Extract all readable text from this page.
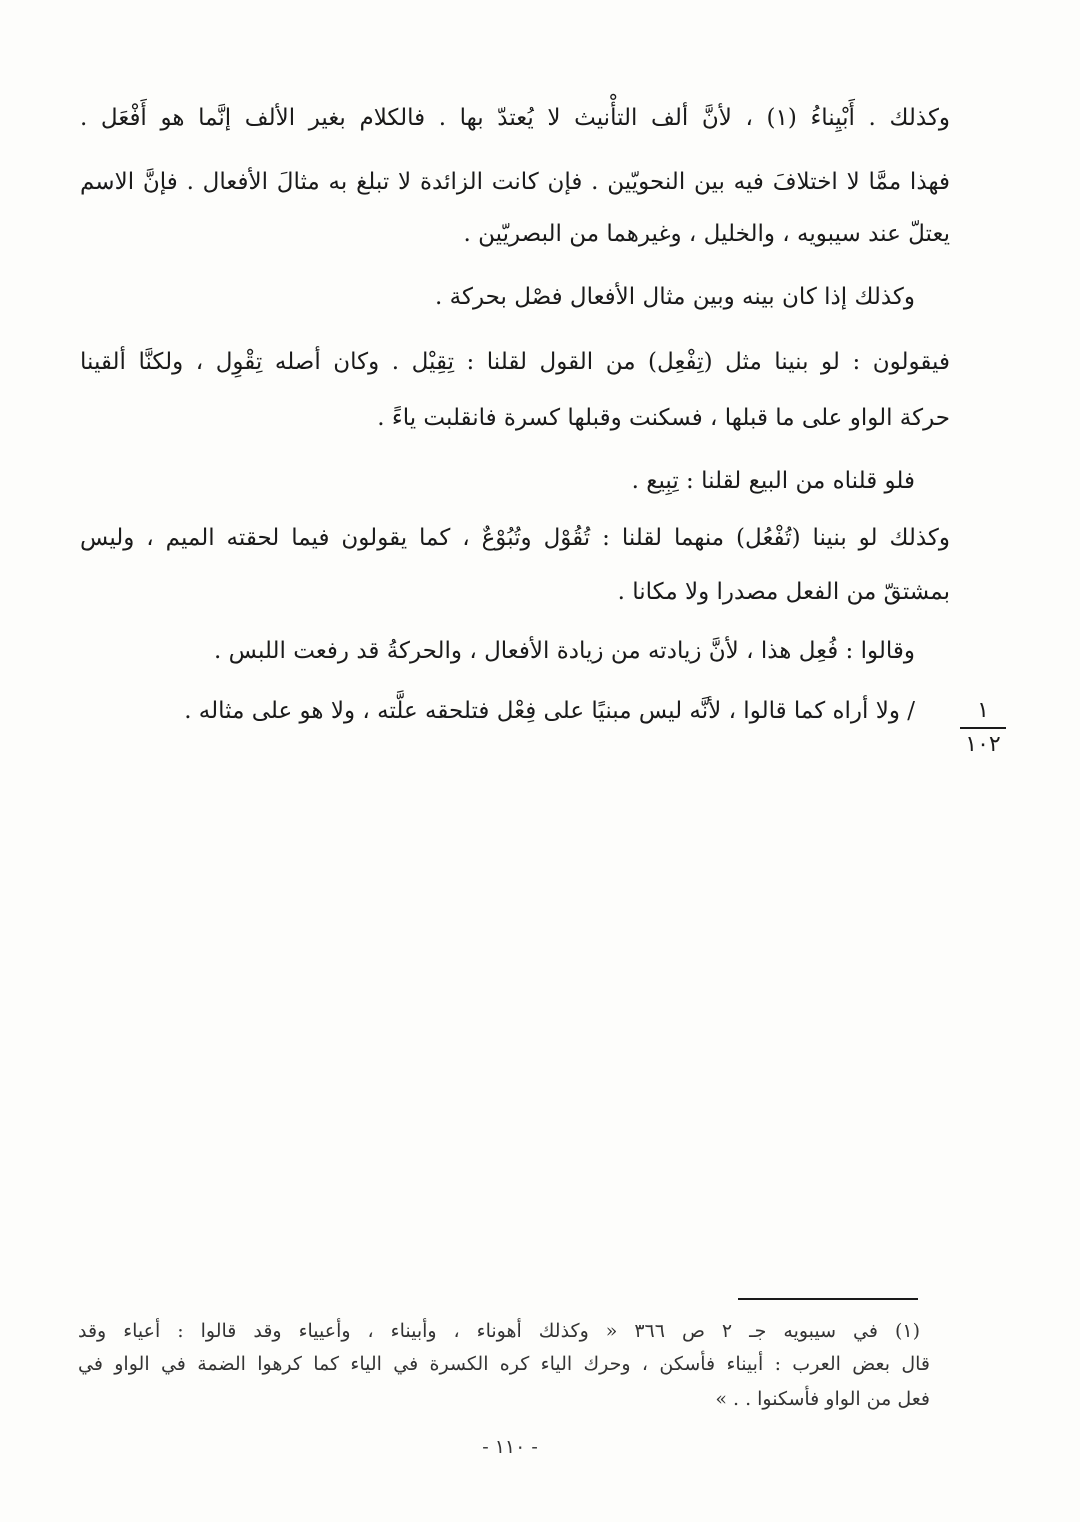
وكذلك . أَبْيِناءُ (١) ، لأنَّ ألف التأْنيث لا يُعتدّ بها . فالكلام بغير الألف إنَّما هو أَفْعَل .
فهذا ممَّا لا اختلافَ فيه بين النحويّين . فإن كانت الزائدة لا تبلغ به مثالَ الأفعال . فإنَّ الاسم
يعتلّ عند سيبويه ، والخليل ، وغيرهما من البصريّين .
وكذلك إذا كان بينه وبين مثال الأفعال فصْل بحركة .
فيقولون : لو بنينا مثل (تِفْعِل) من القول لقلنا : تِقِيْل . وكان أصله تِقْوِل ، ولكنَّا ألقينا
حركة الواو على ما قبلها ، فسكنت وقبلها كسرة فانقلبت ياءً .
فلو قلناه من البيع لقلنا : تِبِيع .
وكذلك لو بنينا (تُفْعُل) منهما لقلنا : تُقُوْل وتُبُوْعٌ ، كما يقولون فيما لحقته الميم ، وليس
بمشتقّ من الفعل مصدرا ولا مكانا .
وقالوا : فُعِل هذا ، لأنَّ زيادته من زيادة الأفعال ، والحركةُ قد رفعت اللبس .
/ ولا أراه كما قالوا ، لأنَّه ليس مبنيًا على فِعْل فتلحقه علَّته ، ولا هو على مثاله .	١
١٠٢
(١) في سيبويه جـ ٢ ص ٣٦٦ « وكذلك أهوناء ، وأبيناء ، وأعيياء وقد قالوا : أعياء وقد
قال بعض العرب : أبيناء فأسكن ، وحرك الياء كره الكسرة في الياء كما كرهوا الضمة في الواو في
فعل من الواو فأسكنوا . . »
- ١١٠ -
